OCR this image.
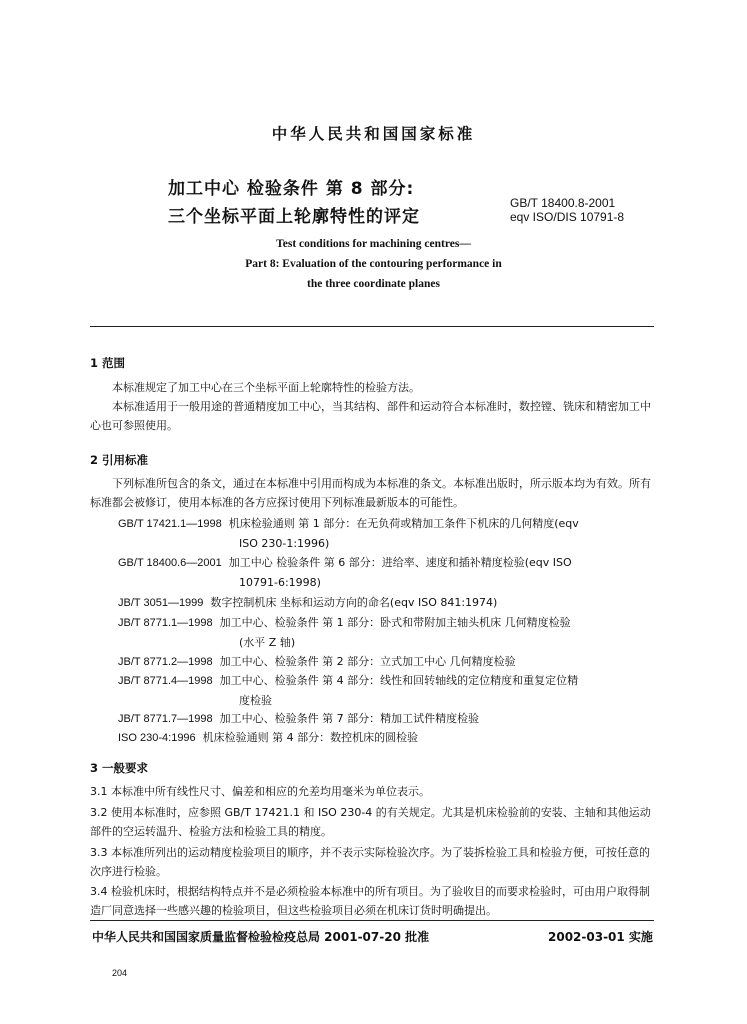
中华人民共和国国家标准
加工中心 检验条件 第 8 部分:
三个坐标平面上轮廓特性的评定
GB/T 18400.8-2001
eqv ISO/DIS 10791-8
Test conditions for machining centres—
Part 8: Evaluation of the contouring performance in
the three coordinate planes
1 范围
本标准规定了加工中心在三个坐标平面上轮廓特性的检验方法。
本标准适用于一般用途的普通精度加工中心，当其结构、部件和运动符合本标准时，数控镗、铣床和精密加工中心也可参照使用。
2 引用标准
下列标准所包含的条文，通过在本标准中引用而构成为本标准的条文。本标准出版时，所示版本均为有效。所有标准都会被修订，使用本标准的各方应探讨使用下列标准最新版本的可能性。
GB/T 17421.1—1998 机床检验通则 第 1 部分：在无负荷或精加工条件下机床的几何精度(eqv
ISO 230-1:1996)
GB/T 18400.6—2001 加工中心 检验条件 第 6 部分：进给率、速度和插补精度检验(eqv ISO
10791-6:1998)
JB/T 3051—1999 数字控制机床 坐标和运动方向的命名(eqv ISO 841:1974)
JB/T 8771.1—1998 加工中心、检验条件 第 1 部分：卧式和带附加主轴头机床 几何精度检验
(水平 Z 轴)
JB/T 8771.2—1998 加工中心、检验条件 第 2 部分：立式加工中心 几何精度检验
JB/T 8771.4—1998 加工中心、检验条件 第 4 部分：线性和回转轴线的定位精度和重复定位精
度检验
JB/T 8771.7—1998 加工中心、检验条件 第 7 部分：精加工试件精度检验
ISO 230-4:1996 机床检验通则 第 4 部分：数控机床的圆检验
3 一般要求
3.1 本标准中所有线性尺寸、偏差和相应的允差均用毫米为单位表示。
3.2 使用本标准时，应参照 GB/T 17421.1 和 ISO 230-4 的有关规定。尤其是机床检验前的安装、主轴和其他运动部件的空运转温升、检验方法和检验工具的精度。
3.3 本标准所列出的运动精度检验项目的顺序，并不表示实际检验次序。为了装拆检验工具和检验方便，可按任意的次序进行检验。
3.4 检验机床时，根据结构特点并不是必须检验本标准中的所有项目。为了验收目的而要求检验时，可由用户取得制造厂同意选择一些感兴趣的检验项目，但这些检验项目必须在机床订货时明确提出。
中华人民共和国国家质量监督检验检疫总局 2001-07-20 批准	2002-03-01 实施
204
